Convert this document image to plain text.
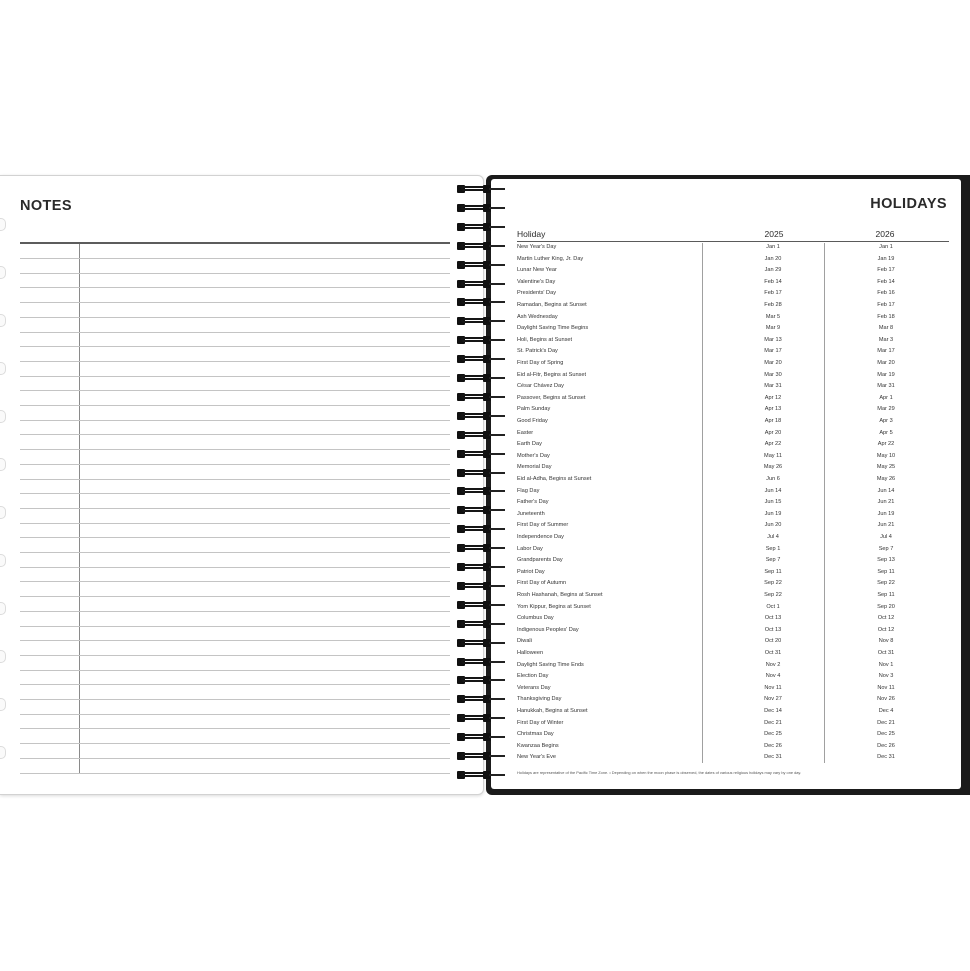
NOTES	HOLIDAYS
Holiday	2025	2026
New Year's Day	Jan 1	Jan 1
Martin Luther King, Jr. Day	Jan 20	Jan 19
Lunar New Year	Jan 29	Feb 17
Valentine's Day	Feb 14	Feb 14
Presidents' Day	Feb 17	Feb 16
Ramadan, Begins at Sunset	Feb 28	Feb 17
Ash Wednesday	Mar 5	Feb 18
Daylight Saving Time Begins	Mar 9	Mar 8
Holi, Begins at Sunset	Mar 13	Mar 3
St. Patrick's Day	Mar 17	Mar 17
First Day of Spring	Mar 20	Mar 20
Eid al-Fitr, Begins at Sunset	Mar 30	Mar 19
César Chávez Day	Mar 31	Mar 31
Passover, Begins at Sunset	Apr 12	Apr 1
Palm Sunday	Apr 13	Mar 29
Good Friday	Apr 18	Apr 3
Easter	Apr 20	Apr 5
Earth Day	Apr 22	Apr 22
Mother's Day	May 11	May 10
Memorial Day	May 26	May 25
Eid al-Adha, Begins at Sunset	Jun 6	May 26
Flag Day	Jun 14	Jun 14
Father's Day	Jun 15	Jun 21
Juneteenth	Jun 19	Jun 19
First Day of Summer	Jun 20	Jun 21
Independence Day	Jul 4	Jul 4
Labor Day	Sep 1	Sep 7
Grandparents Day	Sep 7	Sep 13
Patriot Day	Sep 11	Sep 11
First Day of Autumn	Sep 22	Sep 22
Rosh Hashanah, Begins at Sunset	Sep 22	Sep 11
Yom Kippur, Begins at Sunset	Oct 1	Sep 20
Columbus Day	Oct 13	Oct 12
Indigenous Peoples' Day	Oct 13	Oct 12
Diwali	Oct 20	Nov 8
Halloween	Oct 31	Oct 31
Daylight Saving Time Ends	Nov 2	Nov 1
Election Day	Nov 4	Nov 3
Veterans Day	Nov 11	Nov 11
Thanksgiving Day	Nov 27	Nov 26
Hanukkah, Begins at Sunset	Dec 14	Dec 4
First Day of Winter	Dec 21	Dec 21
Christmas Day	Dec 25	Dec 25
Kwanzaa Begins	Dec 26	Dec 26
New Year's Eve	Dec 31	Dec 31
Holidays are representative of the Pacific Time Zone. • Depending on when the moon phase is observed, the dates of various religious holidays may vary by one day.
